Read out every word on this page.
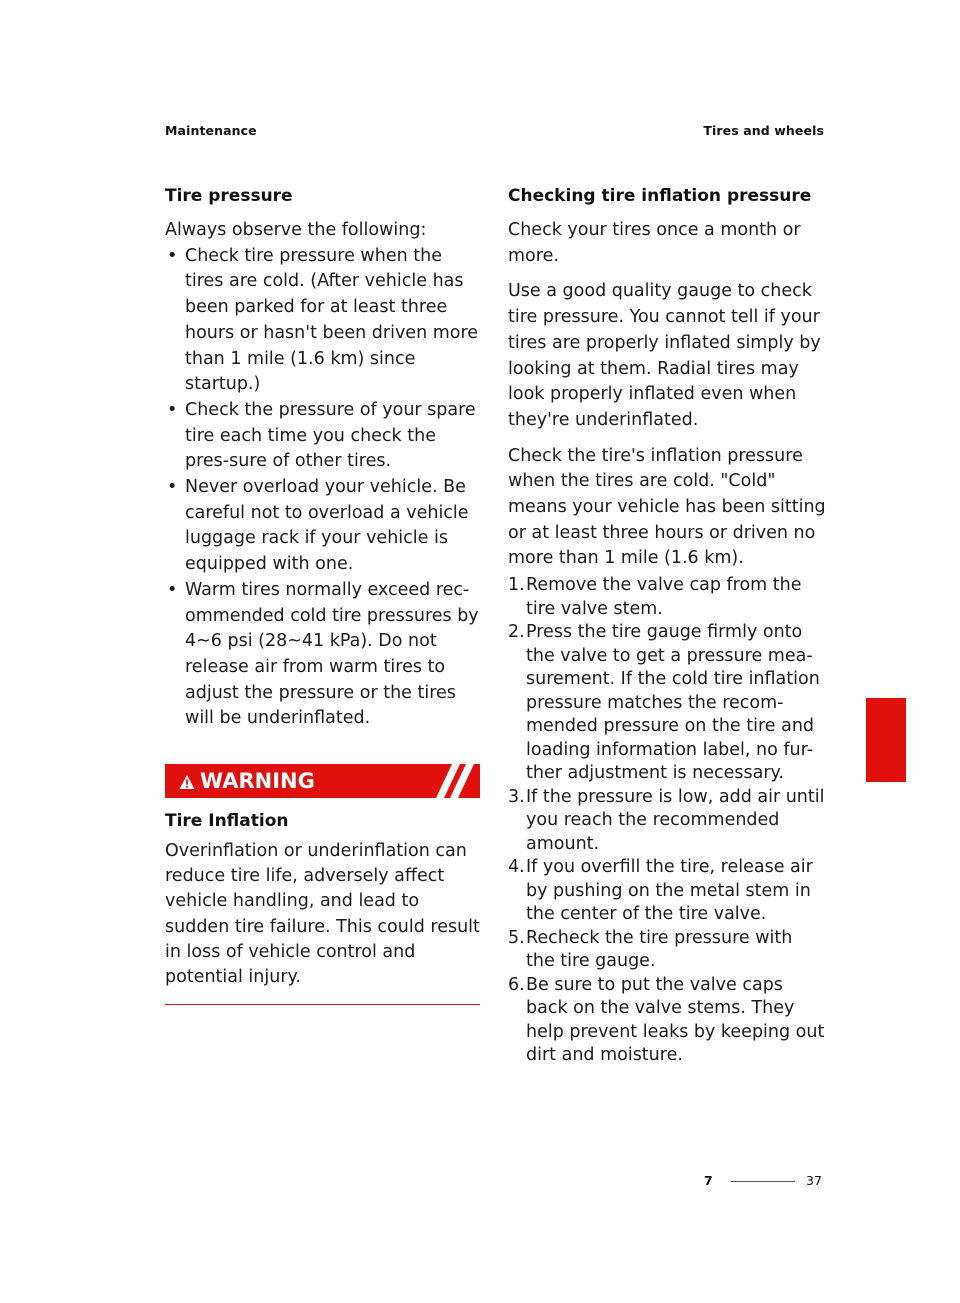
Maintenance	Tires and wheels
Tire pressure

Always observe the following:

• Check tire pressure when the tires are cold. (After vehicle has been parked for at least three hours or hasn't been driven more than 1 mile (1.6 km) since startup.)
• Check the pressure of your spare tire each time you check the pres-sure of other tires.
• Never overload your vehicle. Be careful not to overload a vehicle luggage rack if your vehicle is equipped with one.
• Warm tires normally exceed rec-ommended cold tire pressures by 4~6 psi (28~41 kPa). Do not release air from warm tires to adjust the pressure or the tires will be underinflated.
WARNING
Tire Inflation

Overinflation or underinflation can reduce tire life, adversely affect vehicle handling, and lead to sudden tire failure. This could result in loss of vehicle control and potential injury.

Checking tire inflation pressure

Check your tires once a month or more.

Use a good quality gauge to check tire pressure. You cannot tell if your tires are properly inflated simply by looking at them. Radial tires may look properly inflated even when they're underinflated.

Check the tire's inflation pressure when the tires are cold. "Cold" means your vehicle has been sitting or at least three hours or driven no more than 1 mile (1.6 km).

1. Remove the valve cap from the tire valve stem.
2. Press the tire gauge firmly onto the valve to get a pressure mea-surement. If the cold tire inflation pressure matches the recom-mended pressure on the tire and loading information label, no fur-ther adjustment is necessary.
3. If the pressure is low, add air until you reach the recommended amount.
4. If you overfill the tire, release air by pushing on the metal stem in the center of the tire valve.
5. Recheck the tire pressure with the tire gauge.
6. Be sure to put the valve caps back on the valve stems. They help prevent leaks by keeping out dirt and moisture.
7
7	37
